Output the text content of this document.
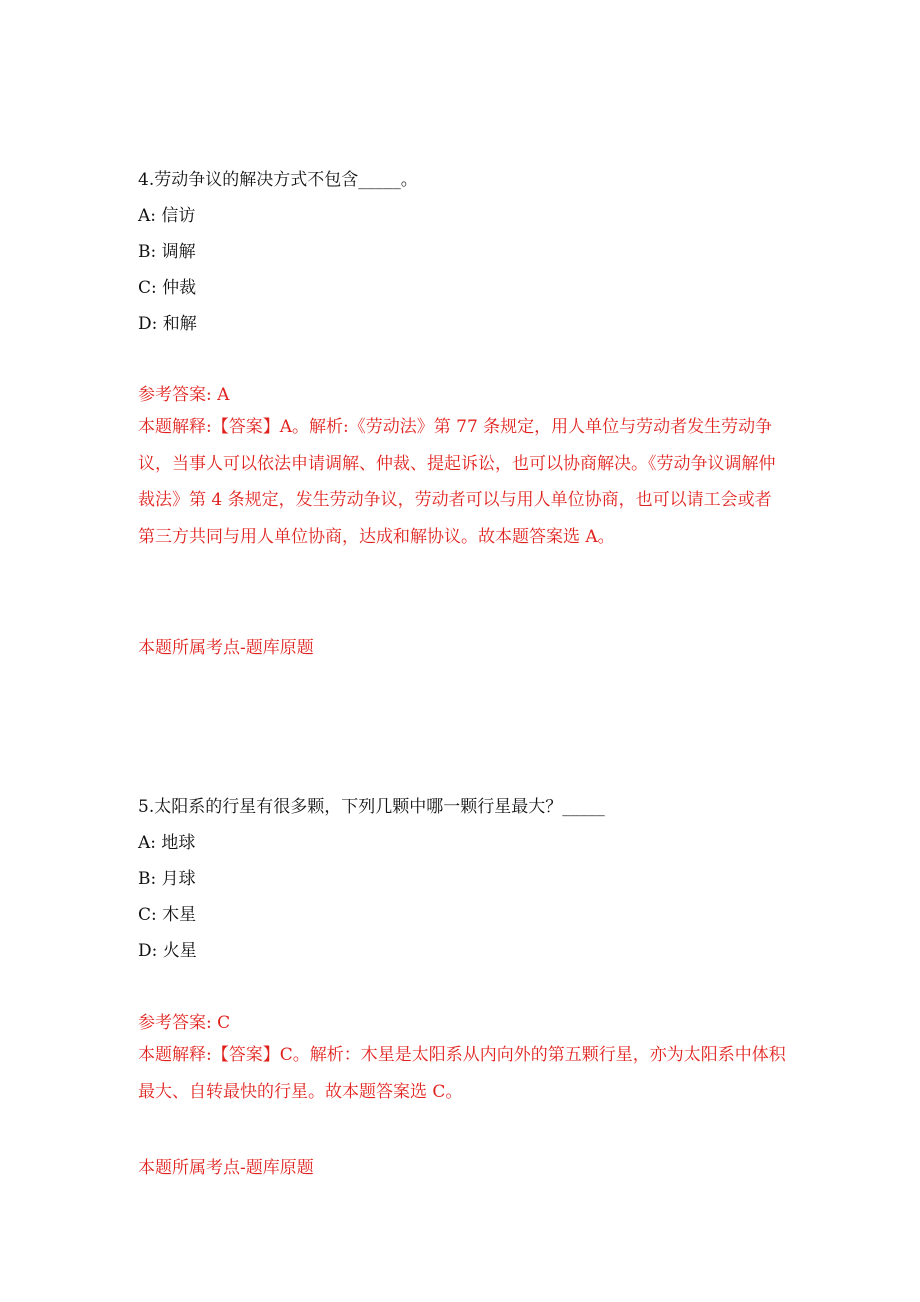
4.劳动争议的解决方式不包含_____。
A: 信访
B: 调解
C: 仲裁
D: 和解
参考答案: A
本题解释:【答案】A。解析:《劳动法》第 77 条规定，用人单位与劳动者发生劳动争议，当事人可以依法申请调解、仲裁、提起诉讼，也可以协商解决。《劳动争议调解仲裁法》第 4 条规定，发生劳动争议，劳动者可以与用人单位协商，也可以请工会或者第三方共同与用人单位协商，达成和解协议。故本题答案选 A。
本题所属考点-题库原题
5.太阳系的行星有很多颗，下列几颗中哪一颗行星最大？_____
A: 地球
B: 月球
C: 木星
D: 火星
参考答案: C
本题解释:【答案】C。解析：木星是太阳系从内向外的第五颗行星，亦为太阳系中体积最大、自转最快的行星。故本题答案选 C。
本题所属考点-题库原题
